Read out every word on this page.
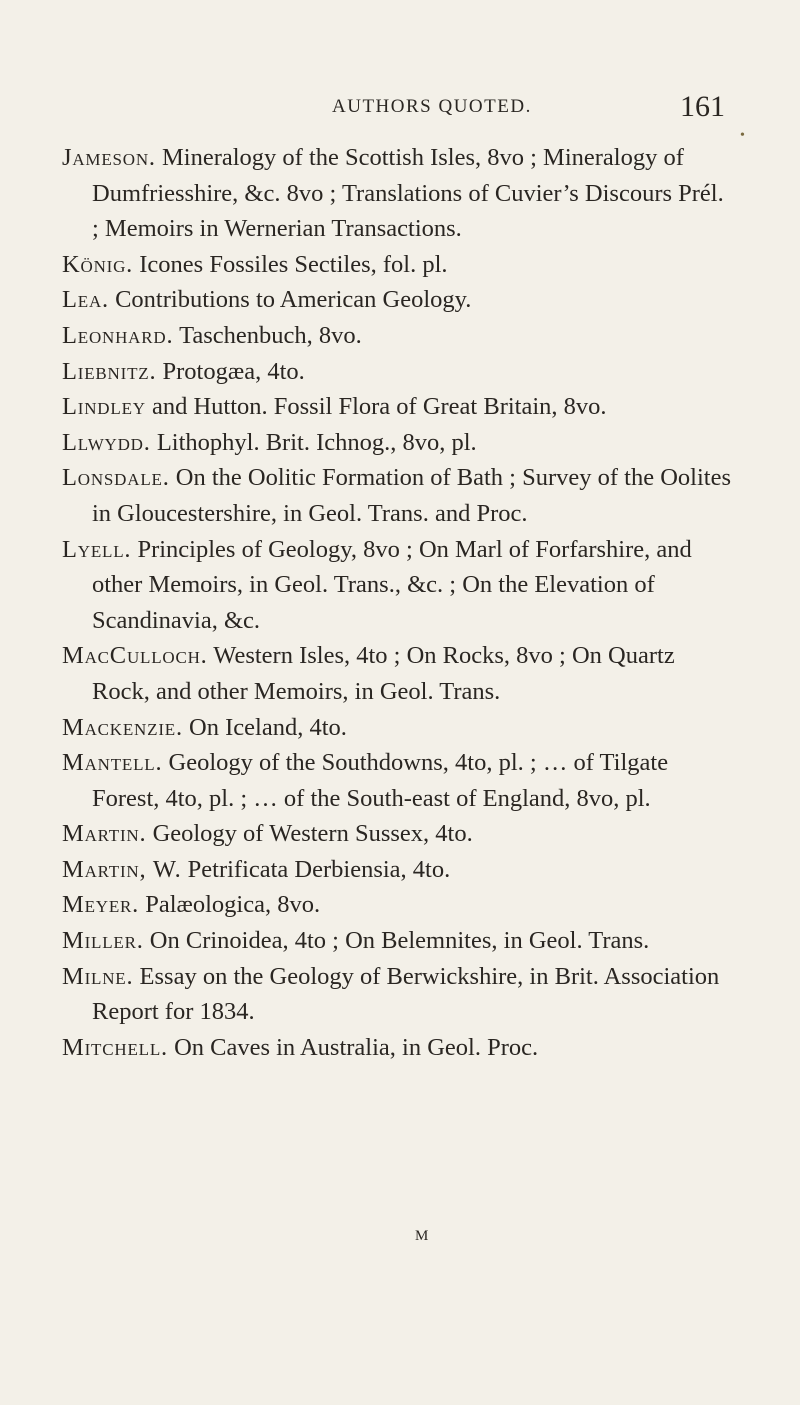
AUTHORS QUOTED.	161
•
Jameson. Mineralogy of the Scottish Isles, 8vo ; Mineralogy of Dumfriesshire, &c. 8vo ; Translations of Cuvier’s Discours Prél. ; Memoirs in Wernerian Transactions.
König. Icones Fossiles Sectiles, fol. pl.
Lea. Contributions to American Geology.
Leonhard. Taschenbuch, 8vo.
Liebnitz. Protogæa, 4to.
Lindley and Hutton. Fossil Flora of Great Britain, 8vo.
Llwydd. Lithophyl. Brit. Ichnog., 8vo, pl.
Lonsdale. On the Oolitic Formation of Bath ; Survey of the Oolites in Gloucestershire, in Geol. Trans. and Proc.
Lyell. Principles of Geology, 8vo ; On Marl of Forfarshire, and other Memoirs, in Geol. Trans., &c. ; On the Elevation of Scandinavia, &c.
MacCulloch. Western Isles, 4to ; On Rocks, 8vo ; On Quartz Rock, and other Memoirs, in Geol. Trans.
Mackenzie. On Iceland, 4to.
Mantell. Geology of the Southdowns, 4to, pl. ; … of Tilgate Forest, 4to, pl. ; … of the South-east of England, 8vo, pl.
Martin. Geology of Western Sussex, 4to.
Martin, W. Petrificata Derbiensia, 4to.
Meyer. Palæologica, 8vo.
Miller. On Crinoidea, 4to ; On Belemnites, in Geol. Trans.
Milne. Essay on the Geology of Berwickshire, in Brit. Association Report for 1834.
Mitchell. On Caves in Australia, in Geol. Proc.
M
